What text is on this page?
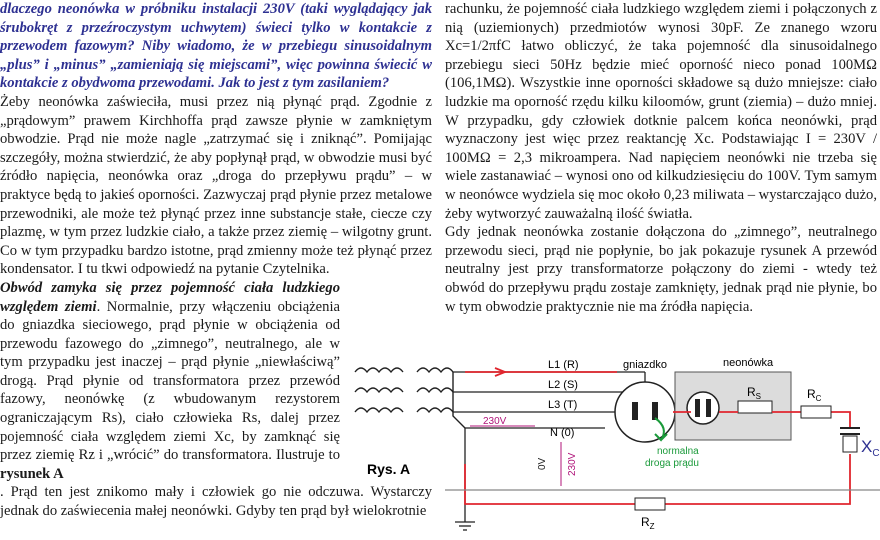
dlaczego neonówka w próbniku instalacji 230V (taki wyglądający jak śrubokręt z przeźroczystym uchwytem) świeci tylko w kontakcie z przewodem fazowym? Niby wiadomo, że w przebiegu sinusoidalnym „plus” i „minus” „zamieniają się miejscami”, więc powinna świecić w kontakcie z obydwoma przewodami. Jak to jest z tym zasilaniem?

Żeby neonówka zaświeciła, musi przez nią płynąć prąd. Zgodnie z „prądowym” prawem Kirchhoffa prąd zawsze płynie w zamkniętym obwodzie. Prąd nie może nagle „zatrzymać się i zniknąć”. Pomijając szczegóły, można stwierdzić, że aby popłynął prąd, w obwodzie musi być źródło napięcia, neonówka oraz „droga do przepływu prądu” – w praktyce będą to jakieś oporności. Zazwyczaj prąd płynie przez metalowe przewodniki, ale może też płynąć przez inne substancje stałe, ciecze czy plazmę, w tym przez ludzkie ciało, a także przez ziemię – wilgotny grunt. Co w tym przypadku bardzo istotne, prąd zmienny może też płynąć przez kondensator. I tu tkwi odpowiedź na pytanie Czytelnika.

Obwód zamyka się przez pojemność ciała ludzkiego względem ziemi. Normalnie, przy włączeniu obciążenia do gniazdka sieciowego, prąd płynie w obciążenia od przewodu fazowego do „zimnego”, neutralnego, ale w tym przypadku jest inaczej – prąd płynie „niewłaściwą” drogą. Prąd płynie od transformatora przez przewód fazowy, neonówkę (z wbudowanym rezystorem ograniczającym Rs), ciało człowieka Rs, dalej przez pojemność ciała względem ziemi Xc, by zamknąć się przez ziemię Rz i „wrócić” do transformatora. Ilustruje to rysunek A

. Prąd ten jest znikomo mały i człowiek go nie odczuwa. Wystarczy jednak do zaświecenia małej neonówki. Gdyby ten prąd był wielokrotnie

rachunku, że pojemność ciała ludzkiego względem ziemi i połączonych z nią (uziemionych) przedmiotów wynosi 30pF. Ze znanego wzoru Xc=1/2πfC łatwo obliczyć, że taka pojemność dla sinusoidalnego przebiegu sieci 50Hz będzie mieć oporność nieco ponad 100MΩ (106,1MΩ). Wszystkie inne oporności składowe są dużo mniejsze: ciało ludzkie ma oporność rzędu kilku kiloomów, grunt (ziemia) – dużo mniej. W przypadku, gdy człowiek dotknie palcem końca neonówki, prąd wyznaczony jest więc przez reaktancję Xc. Podstawiając I = 230V / 100MΩ = 2,3 mikroampera. Nad napięciem neonówki nie trzeba się wiele zastanawiać – wynosi ono od kilkudziesięciu do 100V. Tym samym w neonówce wydziela się moc około 0,23 miliwata – wystarczająco dużo, żeby wytworzyć zauważalną ilość światła.

Gdy jednak neonówka zostanie dołączona do „zimnego”, neutralnego przewodu sieci, prąd nie popłynie, bo jak pokazuje rysunek A przewód neutralny jest przy transformatorze połączony do ziemi - wtedy też obwód do przepływu prądu zostaje zamknięty, jednak prąd nie płynie, bo w tym obwodzie praktycznie nie ma źródła napięcia.

L1 (R)
L2 (S)
L3 (T)
N (0)
gniazdko	neonówka
$R_S$	$R_C$
$X_C$
$R_Z$
230V
0V 230V
normalna
droga prądu
Rys. A
